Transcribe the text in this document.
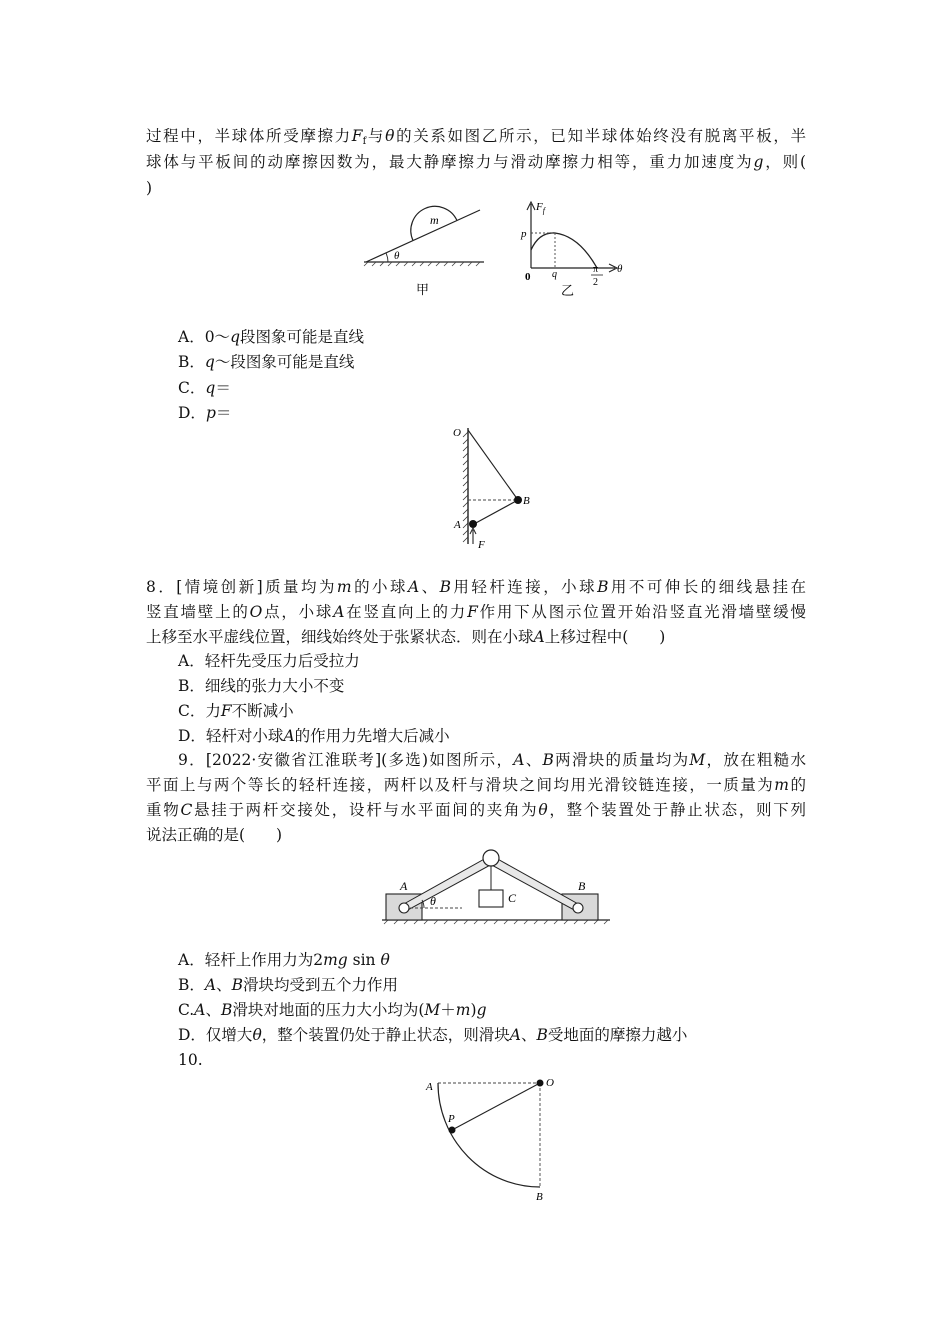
过程中，半球体所受摩擦力$F_f$与θ的关系如图乙所示，已知半球体始终没有脱离平板，半
球体与平板间的动摩擦因数为，最大静摩擦力与滑动摩擦力相等，重力加速度为g，则(
)
m
θ
甲
$F_f$
p
0 q	π
2
θ
乙
A．0～q段图象可能是直线
B．q～段图象可能是直线
C．q＝
D．p＝
O
B
A
F
8．[情境创新]质量均为m的小球A、B用轻杆连接，小球B用不可伸长的细线悬挂在
竖直墙壁上的O点，小球A在竖直向上的力F作用下从图示位置开始沿竖直光滑墙壁缓慢
上移至水平虚线位置，细线始终处于张紧状态．则在小球A上移过程中(　　)
A．轻杆先受压力后受拉力
B．细线的张力大小不变
C．力F不断减小
D．轻杆对小球A的作用力先增大后减小
9．[2022·安徽省江淮联考](多选)如图所示，A、B两滑块的质量均为M，放在粗糙水
平面上与两个等长的轻杆连接，两杆以及杆与滑块之间均用光滑铰链连接，一质量为m的
重物C悬挂于两杆交接处，设杆与水平面间的夹角为θ，整个装置处于静止状态，则下列
说法正确的是(　　)
A	B
C
θ
A．轻杆上作用力为2mg sin θ
B．A、B滑块均受到五个力作用
C.A、B滑块对地面的压力大小均为(M＋m)g
D．仅增大θ，整个装置仍处于静止状态，则滑块A、B受地面的摩擦力越小
10.
A	O
P
B
